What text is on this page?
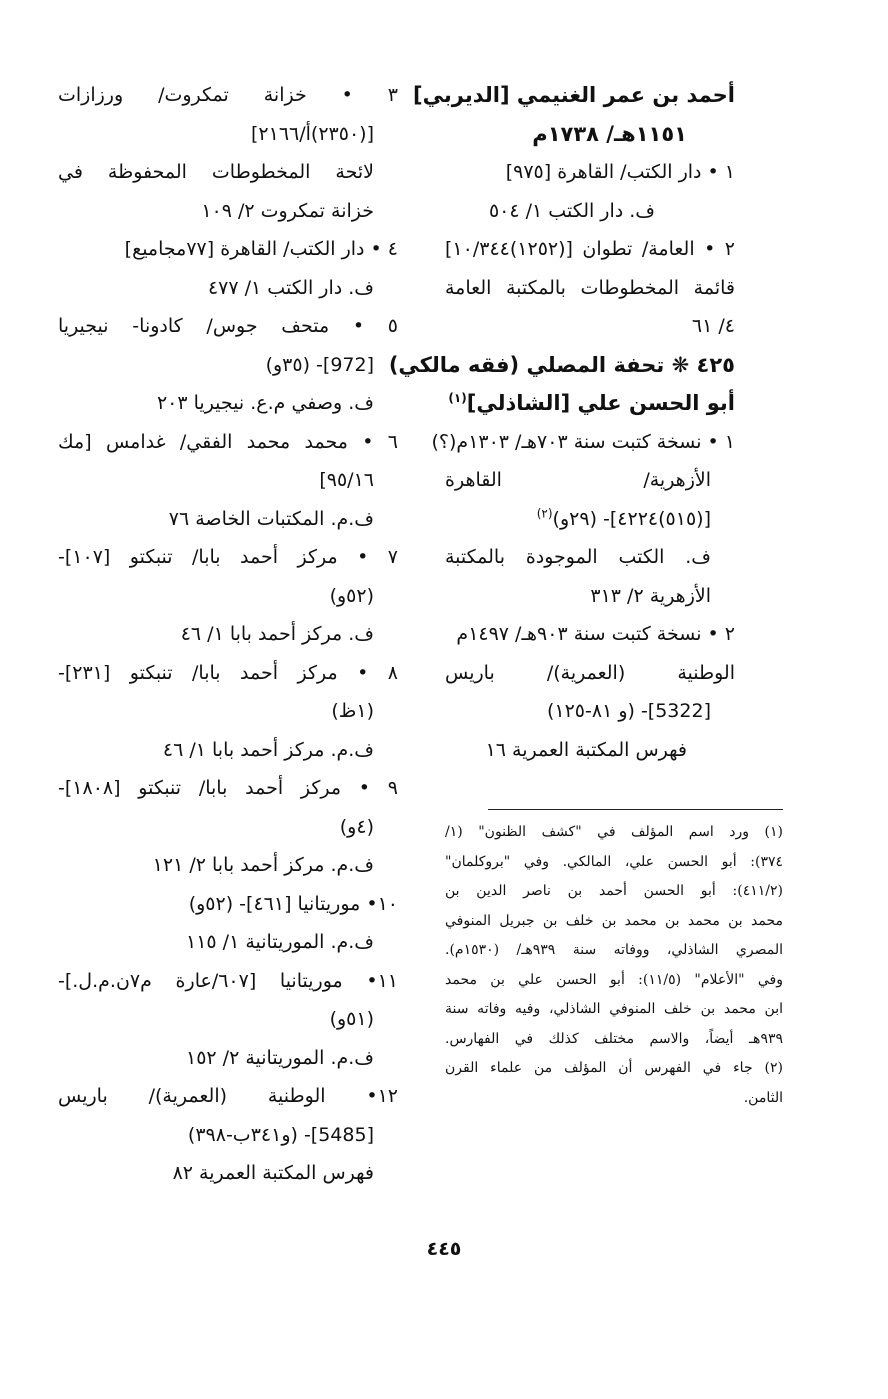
أحمد بن عمر الغنيمي [الديربي]
١١٥١هـ/ ١٧٣٨م
١ • دار الكتب/ القاهرة [٩٧٥]
ف. دار الكتب ١/ ٥٠٤
٢ • العامة/ تطوان [(١٢٥٢)١٠/٣٤٤]
قائمة المخطوطات بالمكتبة العامة
٤/ ٦١
٤٢٥ ❋ تحفة المصلي (فقه مالكي)
أبو الحسن علي [الشاذلي]$^{(١)}$
١ • نسخة كتبت سنة ٧٠٣هـ/ ١٣٠٣م(؟)
الأزهرية/ القاهرة
[(٥١٥)٤٢٢٤]- (٢٩و)$^{(٢)}$
ف. الكتب الموجودة بالمكتبة
الأزهرية ٢/ ٣١٣
٢ • نسخة كتبت سنة ٩٠٣هـ/ ١٤٩٧م
الوطنية (العمرية)/ باريس
[5322]- (و ٨١-١٢٥)
فهرس المكتبة العمرية ١٦
٣ • خزانة تمكروت/ ورزازات
[(٢٣٥٠)أ/٢١٦٦]
لائحة المخطوطات المحفوظة في
خزانة تمكروت ٢/ ١٠٩
٤ • دار الكتب/ القاهرة [٧٧مجاميع]
ف. دار الكتب ١/ ٤٧٧
٥ • متحف جوس/ كادونا- نيجيريا
[972]- (٣٥و)
ف. وصفي م.ع. نيجيريا ٢٠٣
٦ • محمد محمد الفقي/ غدامس [مك
٩٥/١٦]
ف.م. المكتبات الخاصة ٧٦
٧ • مركز أحمد بابا/ تنبكتو [١٠٧]-
(٥٢و)
ف. مركز أحمد بابا ١/ ٤٦
٨ • مركز أحمد بابا/ تنبكتو [٢٣١]-
(١ظ)
ف.م. مركز أحمد بابا ١/ ٤٦
٩ • مركز أحمد بابا/ تنبكتو [١٨٠٨]-
(٤و)
ف.م. مركز أحمد بابا ٢/ ١٢١
١٠• موريتانيا [٤٦١]- (٥٢و)
ف.م. الموريتانية ١/ ١١٥
١١• موريتانيا [٦٠٧/عارة م٧ن.م.ل.]-
(٥١و)
ف.م. الموريتانية ٢/ ١٥٢
١٢• الوطنية (العمرية)/ باريس
[5485]- (و٣٤١ب-٣٩٨)
فهرس المكتبة العمرية ٨٢
(١) ورد اسم المؤلف في "كشف الظنون" (١/
٣٧٤): أبو الحسن علي، المالكي. وفي "بروكلمان"
(٤١١/٢): أبو الحسن أحمد بن ناصر الدين بن
محمد بن محمد بن محمد بن خلف بن جبريل المنوفي
المصري الشاذلي، ووفاته سنة ٩٣٩هـ/ (١٥٣٠م).
وفي "الأعلام" (١١/٥): أبو الحسن علي بن محمد
ابن محمد بن خلف المنوفي الشاذلي، وفيه وفاته سنة
٩٣٩هـ أيضاً، والاسم مختلف كذلك في الفهارس.
(٢) جاء في الفهرس أن المؤلف من علماء القرن
الثامن.
٤٤٥
